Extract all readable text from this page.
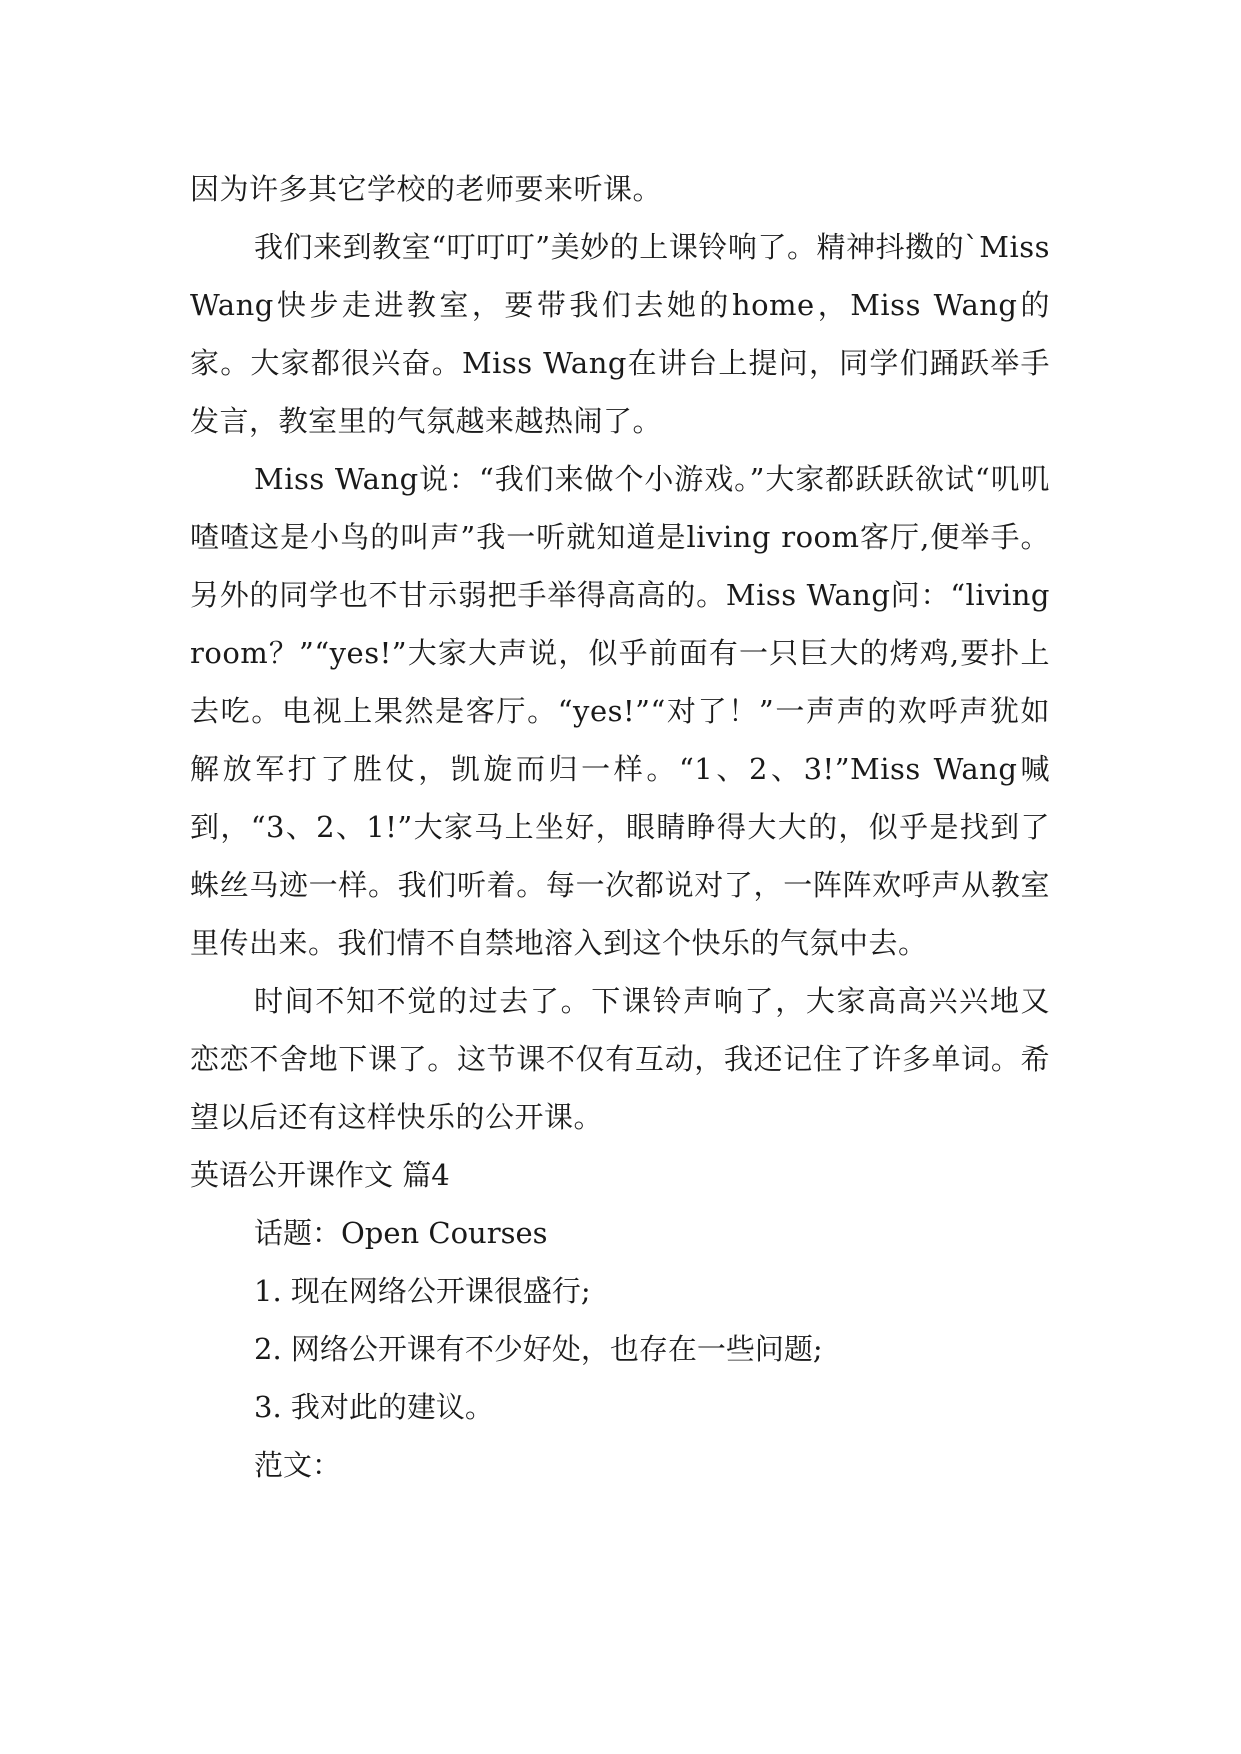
因为许多其它学校的老师要来听课。

我们来到教室“叮叮叮”美妙的上课铃响了。精神抖擞的`Miss Wang快步走进教室，要带我们去她的home，Miss Wang的家。大家都很兴奋。Miss Wang在讲台上提问，同学们踊跃举手发言，教室里的气氛越来越热闹了。

Miss Wang说：“我们来做个小游戏。”大家都跃跃欲试“叽叽喳喳这是小鸟的叫声”我一听就知道是living room客厅,便举手。另外的同学也不甘示弱把手举得高高的。Miss Wang问：“living room？”“yes!”大家大声说，似乎前面有一只巨大的烤鸡,要扑上去吃。电视上果然是客厅。“yes!”“对了！”一声声的欢呼声犹如解放军打了胜仗，凯旋而归一样。“1、2、3!”Miss Wang喊到，“3、2、1!”大家马上坐好，眼睛睁得大大的，似乎是找到了蛛丝马迹一样。我们听着。每一次都说对了，一阵阵欢呼声从教室里传出来。我们情不自禁地溶入到这个快乐的气氛中去。

时间不知不觉的过去了。下课铃声响了，大家高高兴兴地又恋恋不舍地下课了。这节课不仅有互动，我还记住了许多单词。希望以后还有这样快乐的公开课。

英语公开课作文 篇4

话题：Open Courses

1. 现在网络公开课很盛行;

2. 网络公开课有不少好处，也存在一些问题;

3. 我对此的建议。

范文：
